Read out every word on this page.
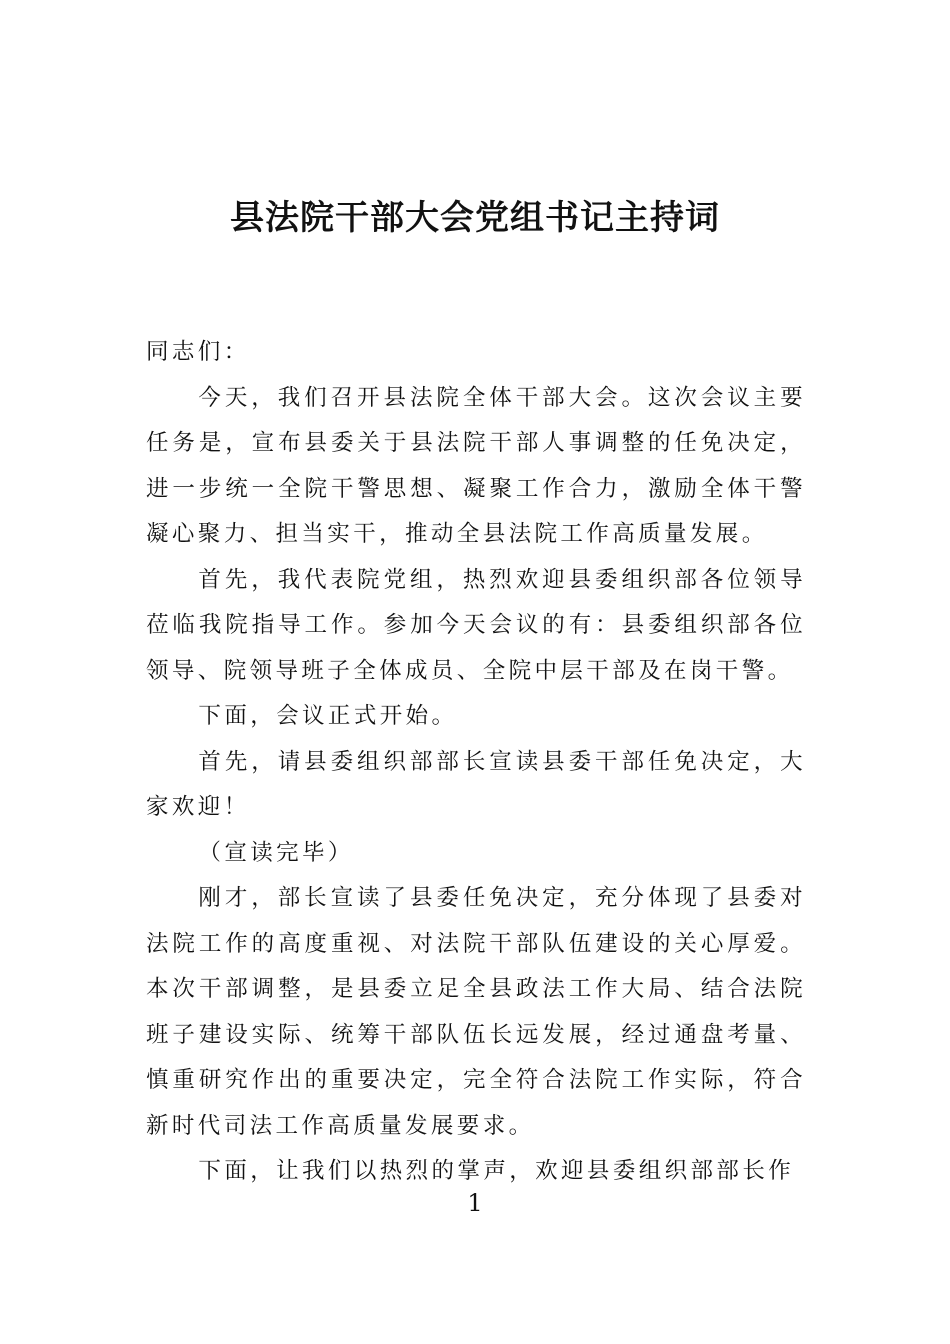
县法院干部大会党组书记主持词

同志们：

今天，我们召开县法院全体干部大会。这次会议主要任务是，宣布县委关于县法院干部人事调整的任免决定，进一步统一全院干警思想、凝聚工作合力，激励全体干警凝心聚力、担当实干，推动全县法院工作高质量发展。

首先，我代表院党组，热烈欢迎县委组织部各位领导莅临我院指导工作。参加今天会议的有：县委组织部各位领导、院领导班子全体成员、全院中层干部及在岗干警。

下面，会议正式开始。

首先，请县委组织部部长宣读县委干部任免决定，大家欢迎！

（宣读完毕）

刚才，部长宣读了县委任免决定，充分体现了县委对法院工作的高度重视、对法院干部队伍建设的关心厚爱。本次干部调整，是县委立足全县政法工作大局、结合法院班子建设实际、统筹干部队伍长远发展，经过通盘考量、慎重研究作出的重要决定，完全符合法院工作实际，符合新时代司法工作高质量发展要求。

下面，让我们以热烈的掌声，欢迎县委组织部部长作

1
